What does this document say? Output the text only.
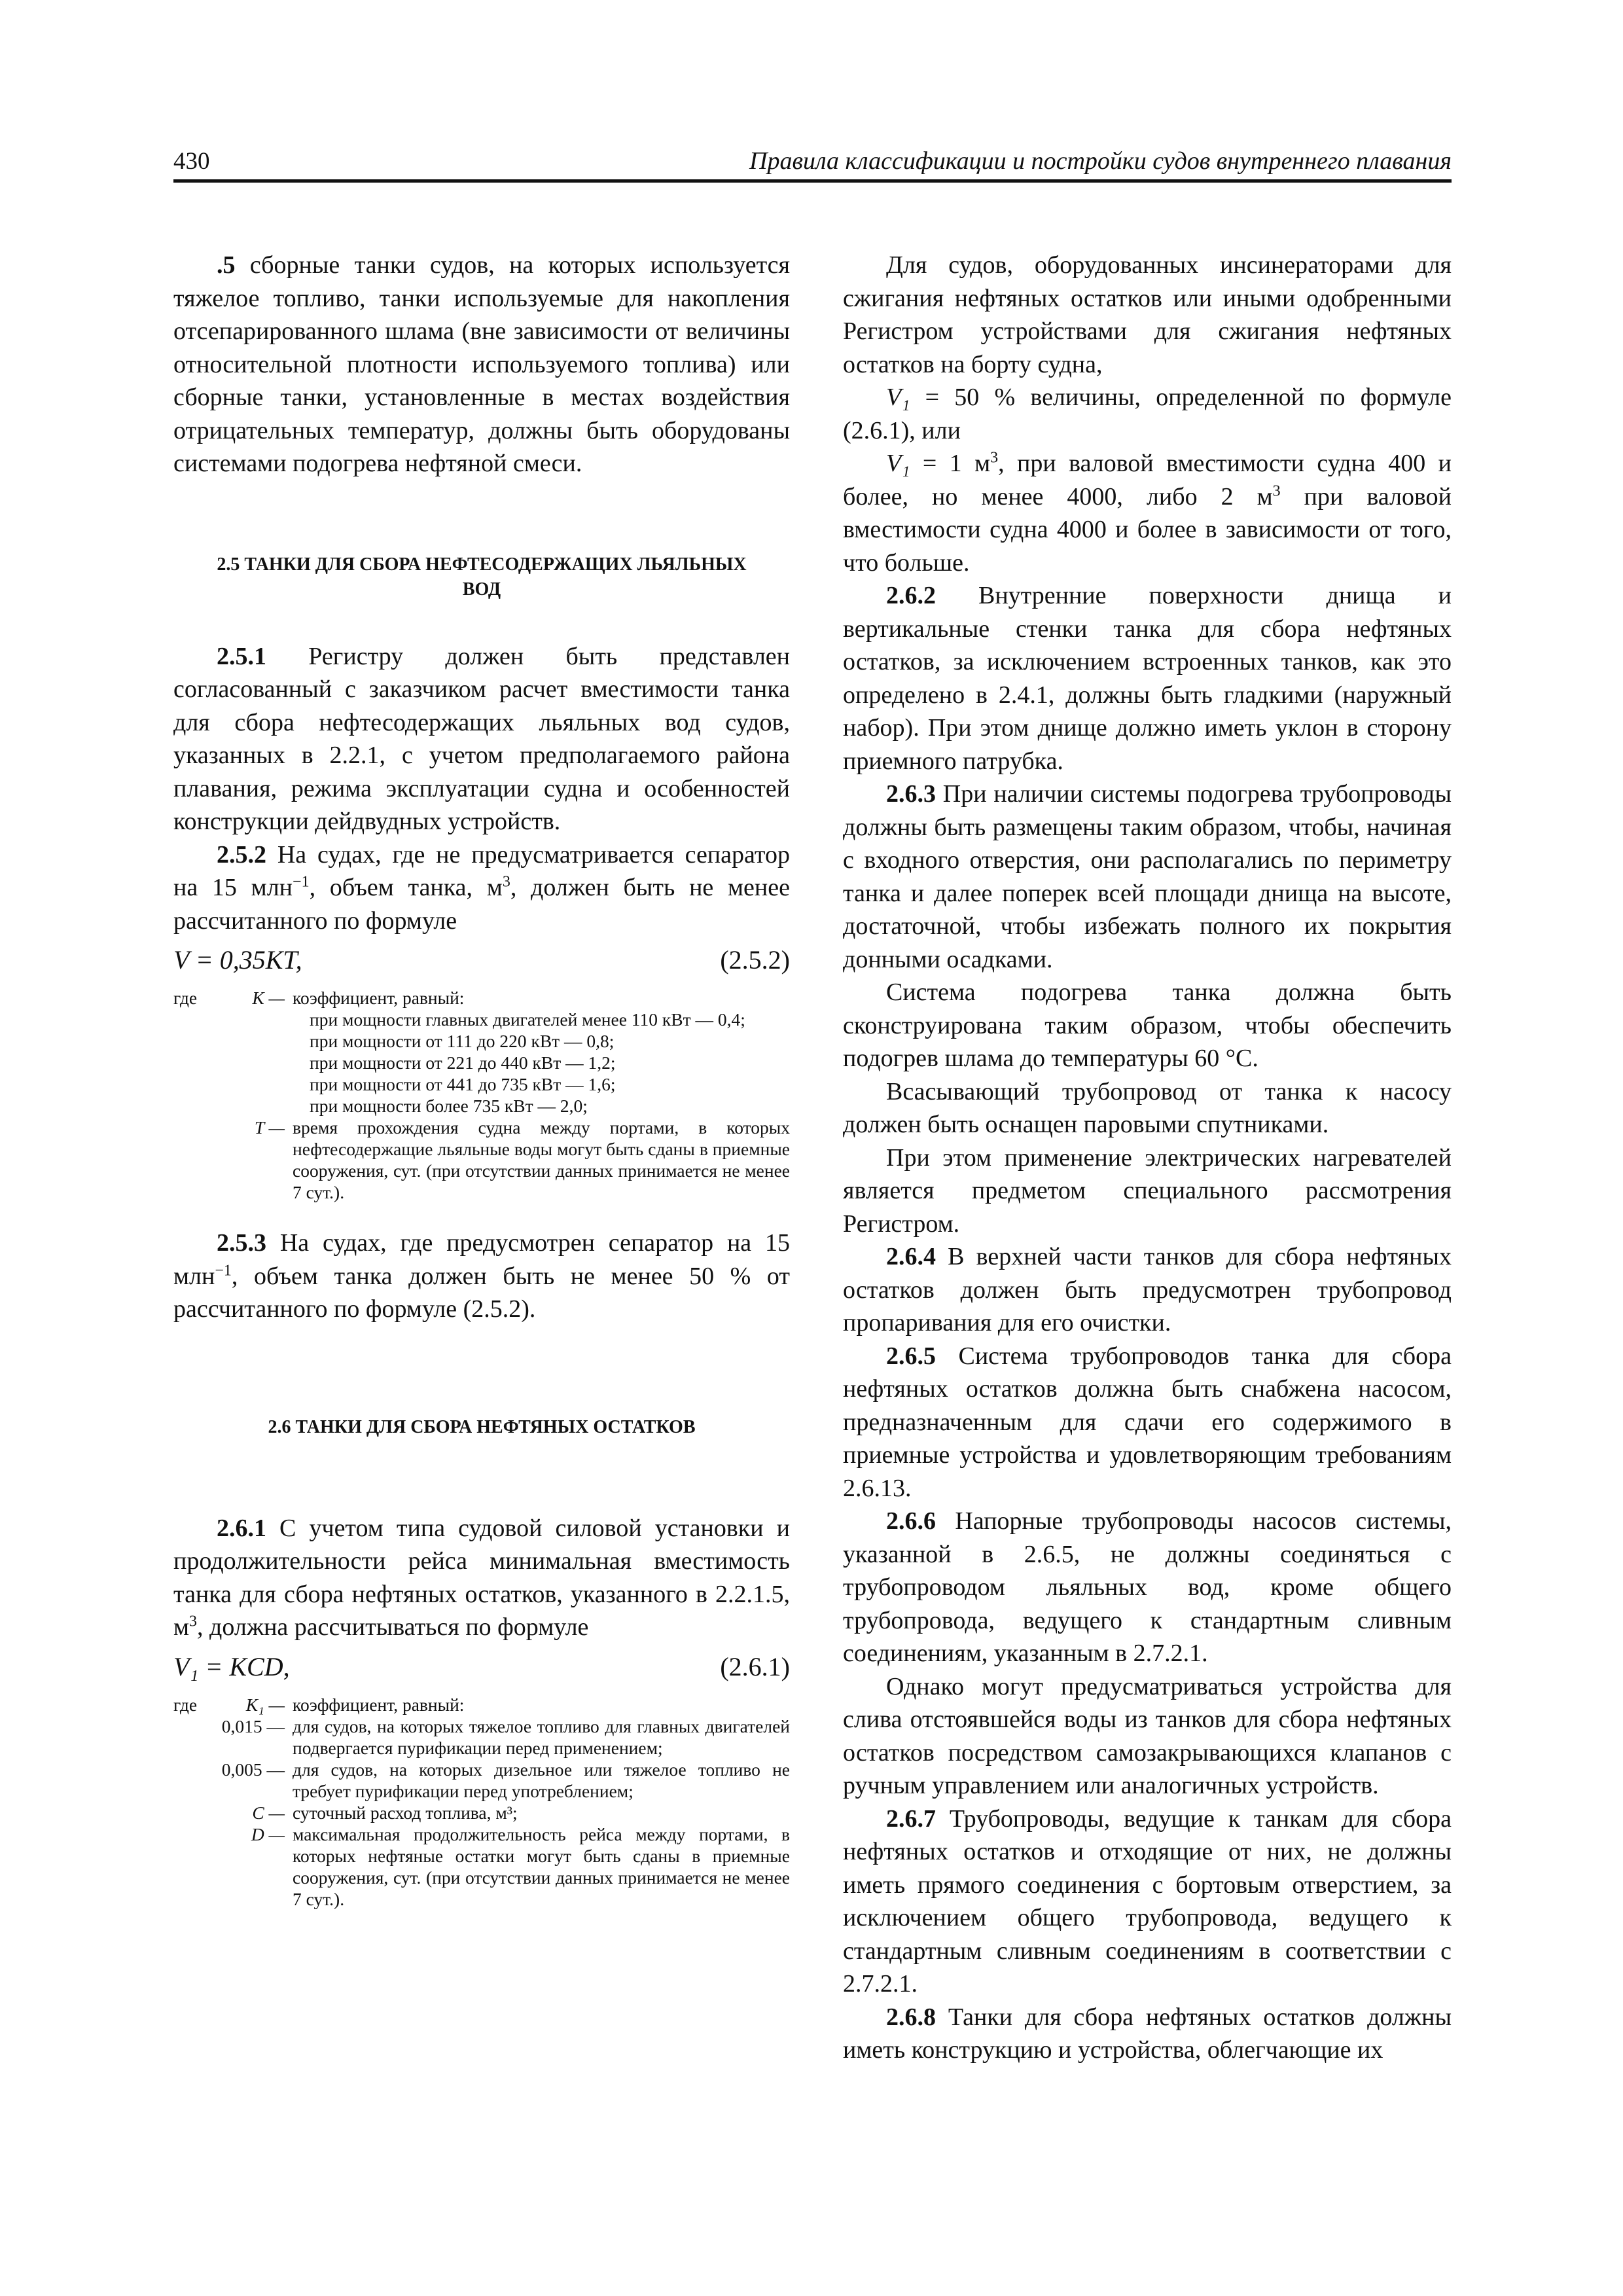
430	Правила классификации и постройки судов внутреннего плавания

.5 сборные танки судов, на которых используется тяжелое топливо, танки используемые для накопления отсепарированного шлама (вне зависимости от величины относительной плотности используемого топлива) или сборные танки, установленные в местах воздействия отрицательных температур, должны быть оборудованы системами подогрева нефтяной смеси.

2.5 ТАНКИ ДЛЯ СБОРА НЕФТЕСОДЕРЖАЩИХ ЛЬЯЛЬНЫХ ВОД

2.5.1 Регистру должен быть представлен согласованный с заказчиком расчет вместимости танка для сбора нефтесодержащих льяльных вод судов, указанных в 2.2.1, с учетом предполагаемого района плавания, режима эксплуатации судна и особенностей конструкции дейдвудных устройств.

2.5.2 На судах, где не предусматривается сепаратор на 15 млн$^{-1}$, объем танка, $м^3$, должен быть не менее рассчитанного по формуле

V = 0,35KT,	(2.5.2)
где	K — коэффициент, равный:
при мощности главных двигателей менее 110 кВт — 0,4;
при мощности от 111 до 220 кВт — 0,8;
при мощности от 221 до 440 кВт — 1,2;
при мощности от 441 до 735 кВт — 1,6;
при мощности более 735 кВт — 2,0;
T — время прохождения судна между портами, в которых нефтесодержащие льяльные воды могут быть сданы в приемные сооружения, сут. (при отсутствии данных принимается не менее 7 сут.).

2.5.3 На судах, где предусмотрен сепаратор на 15 млн$^{-1}$, объем танка должен быть не менее 50 % от рассчитанного по формуле (2.5.2).

2.6 ТАНКИ ДЛЯ СБОРА НЕФТЯНЫХ ОСТАТКОВ

2.6.1 С учетом типа судовой силовой установки и продолжительности рейса минимальная вместимость танка для сбора нефтяных остатков, указанного в 2.2.1.5, $м^3$, должна рассчитываться по формуле

V₁ = KCD,	(2.6.1)
где	K₁ — коэффициент, равный:
0,015 — для судов, на которых тяжелое топливо для главных двигателей подвергается пурификации перед применением;
0,005 — для судов, на которых дизельное или тяжелое топливо не требует пурификации перед употреблением;
C — суточный расход топлива, м³;
D — максимальная продолжительность рейса между портами, в которых нефтяные остатки могут быть сданы в приемные сооружения, сут. (при отсутствии данных принимается не менее 7 сут.).

Для судов, оборудованных инсинераторами для сжигания нефтяных остатков или иными одобренными Регистром устройствами для сжигания нефтяных остатков на борту судна,

V₁ = 50 % величины, определенной по формуле (2.6.1), или

V₁ = 1 $м^3$, при валовой вместимости судна 400 и более, но менее 4000, либо 2 $м^3$ при валовой вместимости судна 4000 и более в зависимости от того, что больше.

2.6.2 Внутренние поверхности днища и вертикальные стенки танка для сбора нефтяных остатков, за исключением встроенных танков, как это определено в 2.4.1, должны быть гладкими (наружный набор). При этом днище должно иметь уклон в сторону приемного патрубка.

2.6.3 При наличии системы подогрева трубопроводы должны быть размещены таким образом, чтобы, начиная с входного отверстия, они располагались по периметру танка и далее поперек всей площади днища на высоте, достаточной, чтобы избежать полного их покрытия донными осадками.

Система подогрева танка должна быть сконструирована таким образом, чтобы обеспечить подогрев шлама до температуры 60 °С.

Всасывающий трубопровод от танка к насосу должен быть оснащен паровыми спутниками.

При этом применение электрических нагревателей является предметом специального рассмотрения Регистром.

2.6.4 В верхней части танков для сбора нефтяных остатков должен быть предусмотрен трубопровод пропаривания для его очистки.

2.6.5 Система трубопроводов танка для сбора нефтяных остатков должна быть снабжена насосом, предназначенным для сдачи его содержимого в приемные устройства и удовлетворяющим требованиям 2.6.13.

2.6.6 Напорные трубопроводы насосов системы, указанной в 2.6.5, не должны соединяться с трубопроводом льяльных вод, кроме общего трубопровода, ведущего к стандартным сливным соединениям, указанным в 2.7.2.1.

Однако могут предусматриваться устройства для слива отстоявшейся воды из танков для сбора нефтяных остатков посредством самозакрывающихся клапанов с ручным управлением или аналогичных устройств.

2.6.7 Трубопроводы, ведущие к танкам для сбора нефтяных остатков и отходящие от них, не должны иметь прямого соединения с бортовым отверстием, за исключением общего трубопровода, ведущего к стандартным сливным соединениям в соответствии с 2.7.2.1.

2.6.8 Танки для сбора нефтяных остатков должны иметь конструкцию и устройства, облегчающие их
